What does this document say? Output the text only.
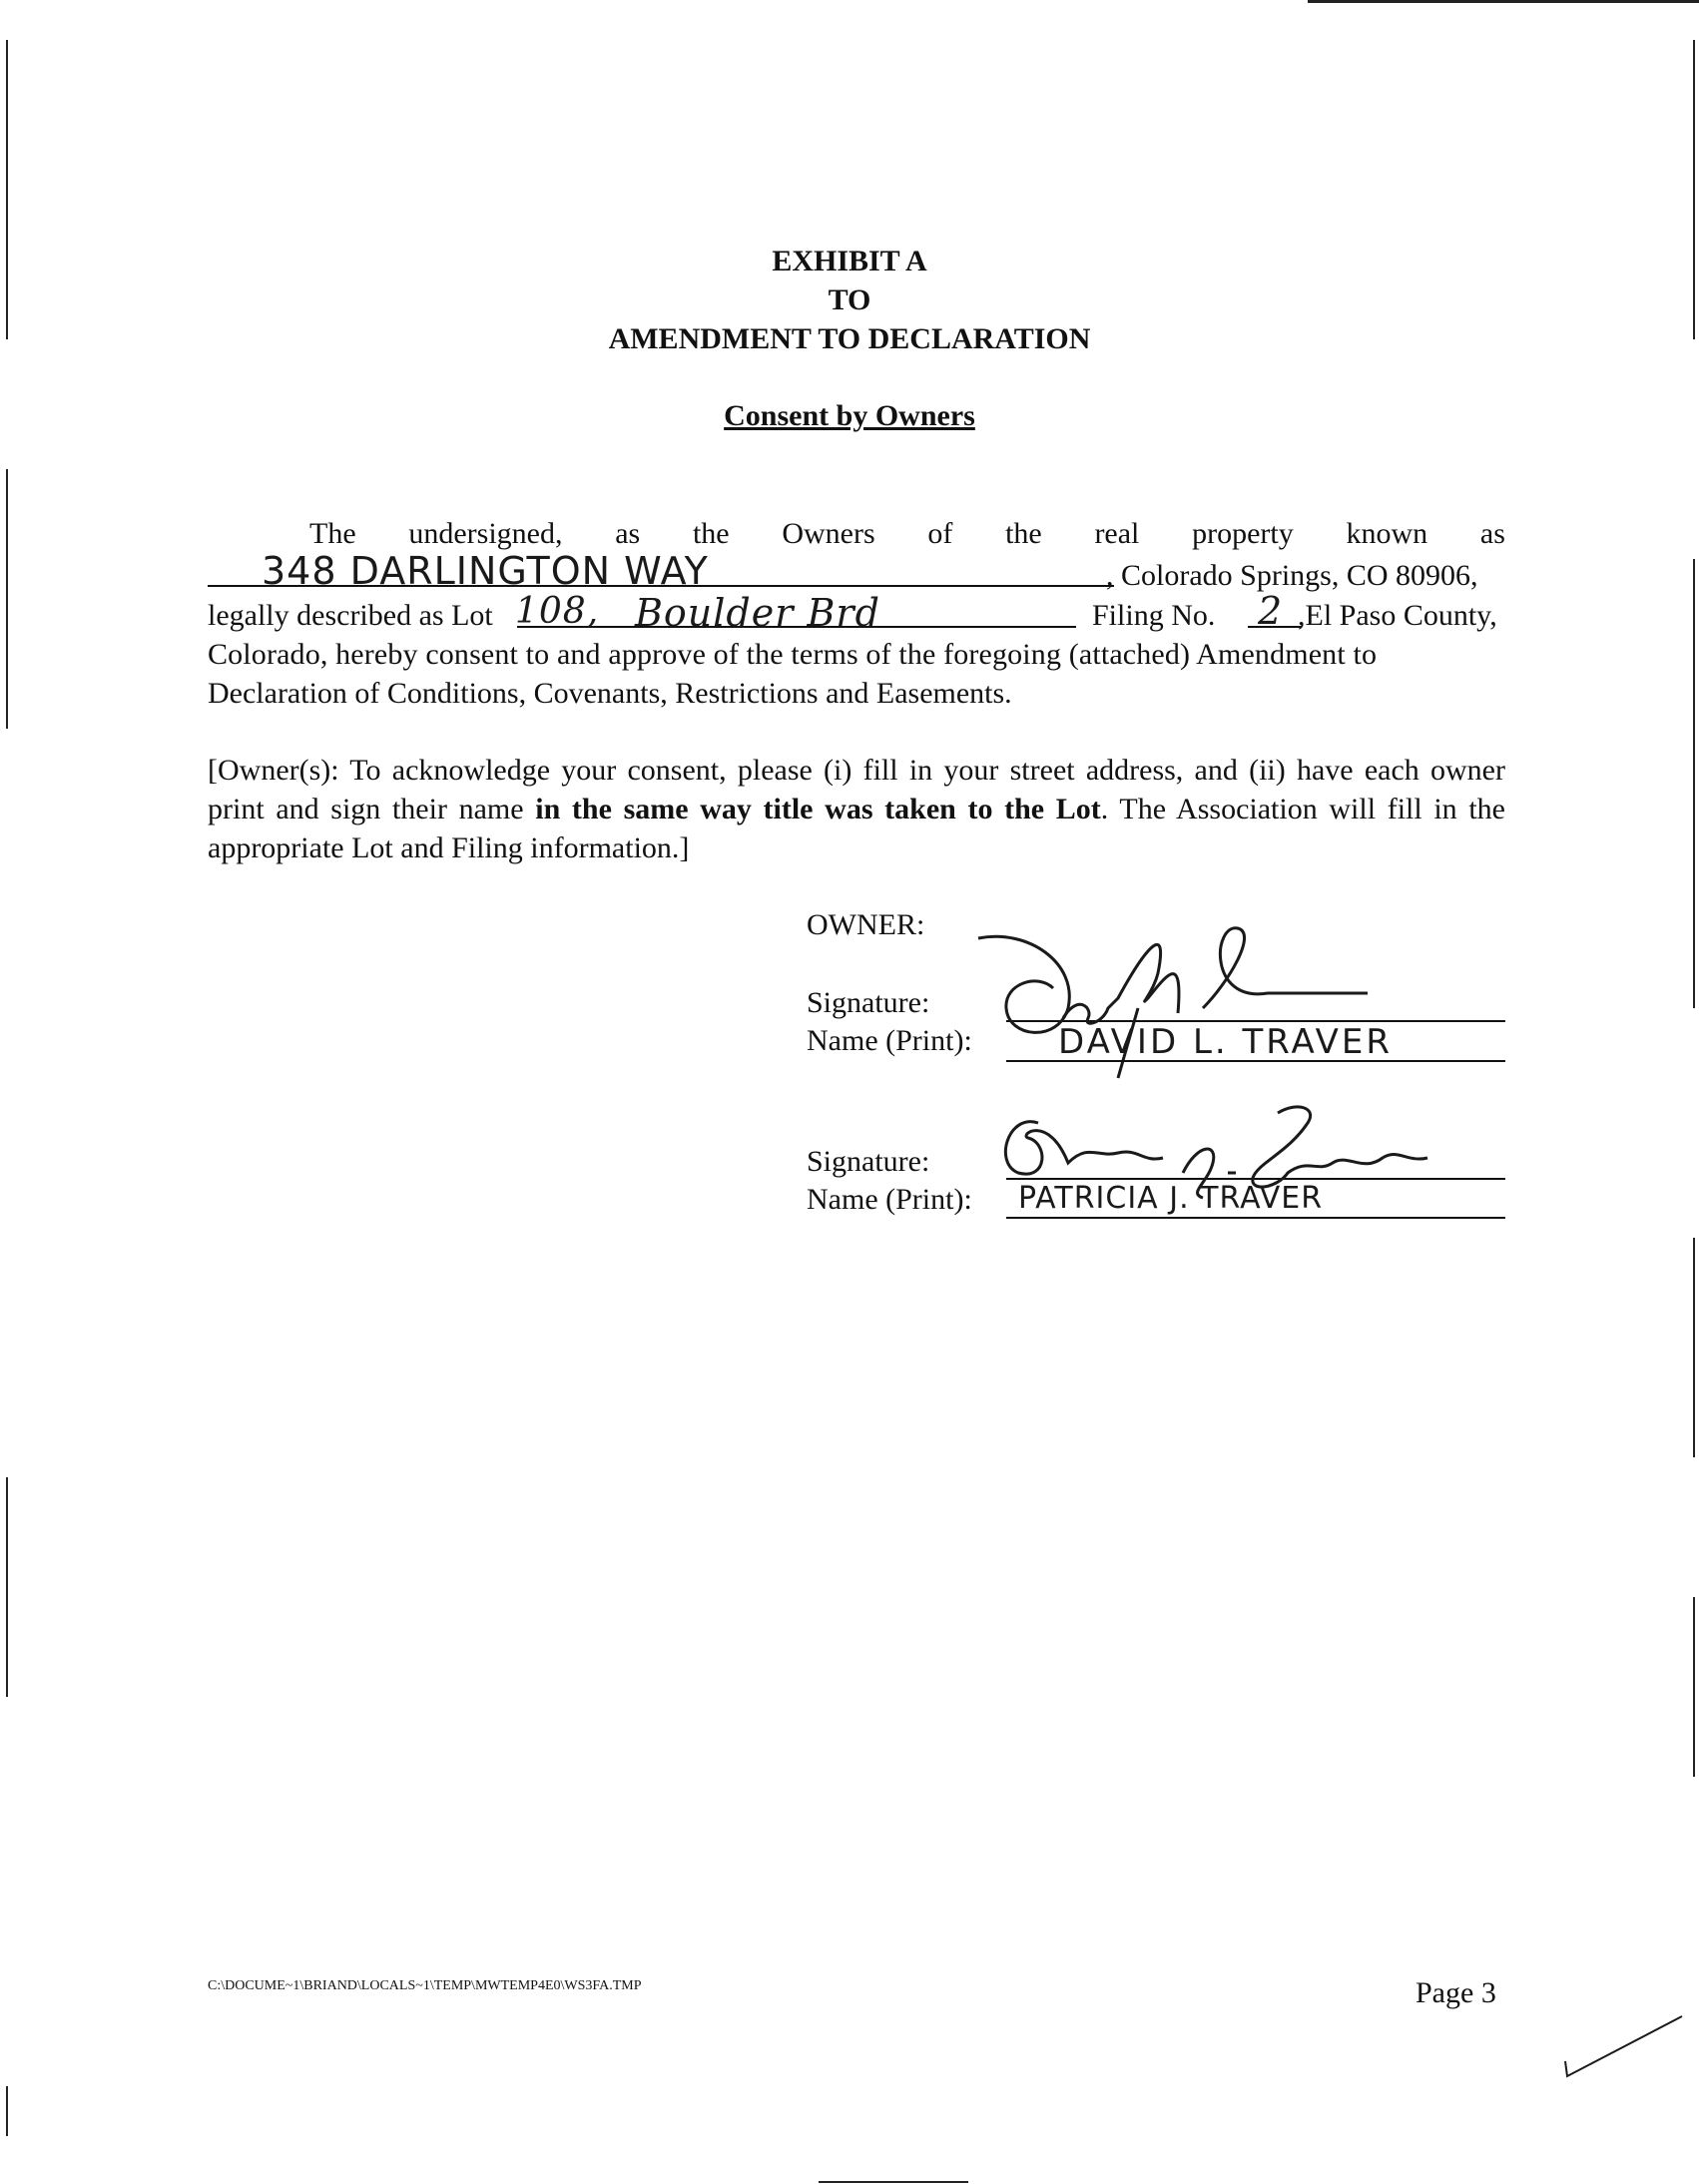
EXHIBIT A
TO
AMENDMENT TO DECLARATION
Consent by Owners
The undersigned, as the Owners of the real property known as
348 DARLINGTON WAY	, Colorado Springs, CO 80906,
legally described as Lot 108, Boulder Brd	Filing No.	2 ,El Paso County,
Colorado, hereby consent to and approve of the terms of the foregoing (attached) Amendment to
Declaration of Conditions, Covenants, Restrictions and Easements.
[Owner(s): To acknowledge your consent, please (i) fill in your street address, and (ii) have each owner print and sign their name in the same way title was taken to the Lot. The Association will fill in the appropriate Lot and Filing information.]
OWNER:
Signature:
Name (Print):	DAVID L. TRAVER
Signature:
Name (Print): PATRICIA J. TRAVER
C:\DOCUME~1\BRIAND\LOCALS~1\TEMP\MWTEMP4E0\WS3FA.TMP	Page 3
